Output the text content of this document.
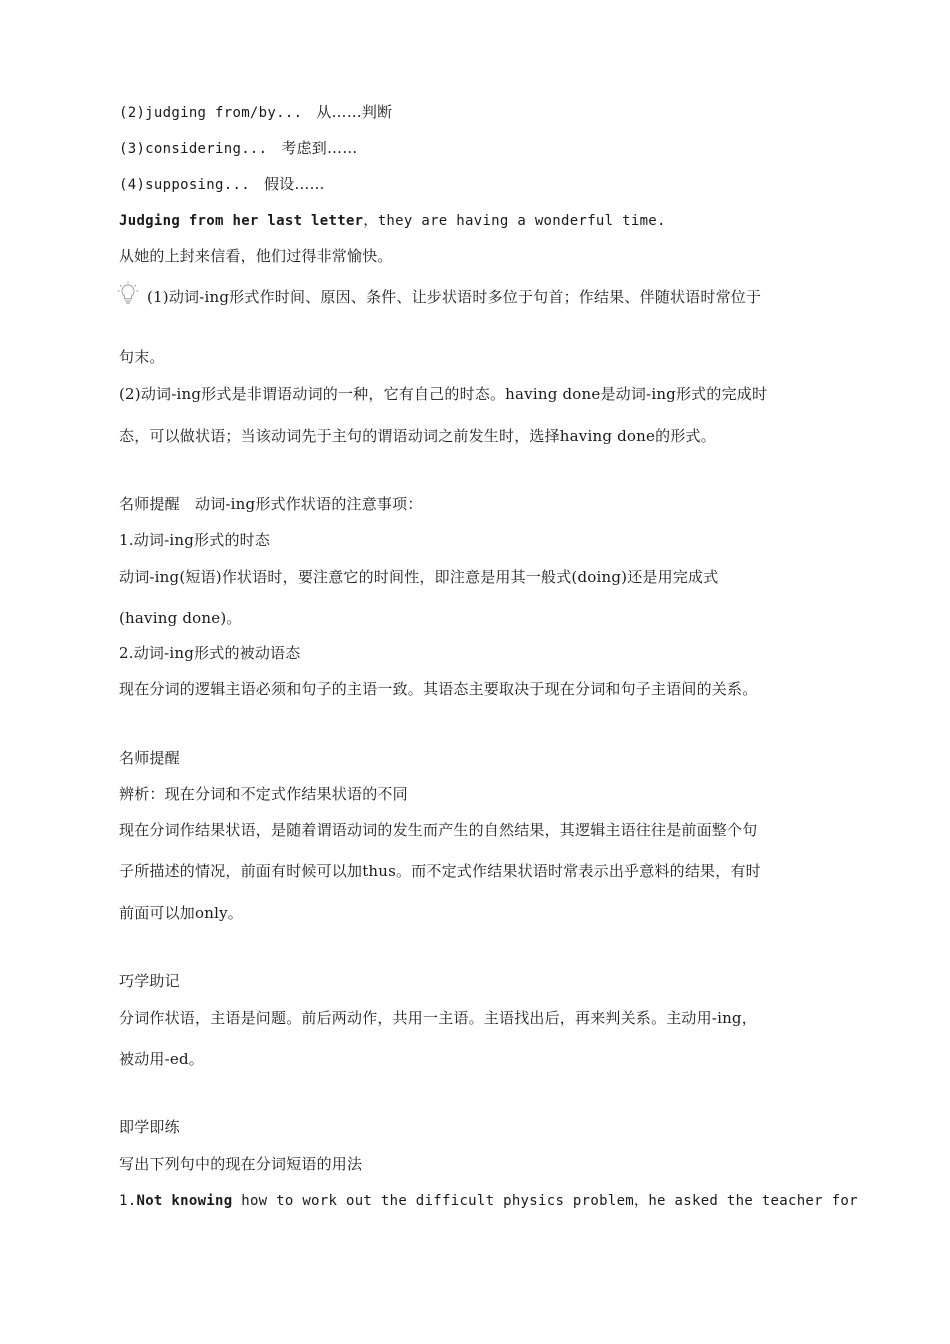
(2)judging from/by... 从……判断
(3)considering... 考虑到……
(4)supposing... 假设……
Judging from her last letter，they are having a wonderful time.
从她的上封来信看，他们过得非常愉快。
(1)动词-ing形式作时间、原因、条件、让步状语时多位于句首；作结果、伴随状语时常位于
句末。
(2)动词-ing形式是非谓语动词的一种，它有自己的时态。having done是动词-ing形式的完成时
态，可以做状语；当该动词先于主句的谓语动词之前发生时，选择having done的形式。
名师提醒　动词-ing形式作状语的注意事项：
1.动词-ing形式的时态
动词-ing(短语)作状语时，要注意它的时间性，即注意是用其一般式(doing)还是用完成式
(having done)。
2.动词-ing形式的被动语态
现在分词的逻辑主语必须和句子的主语一致。其语态主要取决于现在分词和句子主语间的关系。
名师提醒
辨析：现在分词和不定式作结果状语的不同
现在分词作结果状语，是随着谓语动词的发生而产生的自然结果，其逻辑主语往往是前面整个句
子所描述的情况，前面有时候可以加thus。而不定式作结果状语时常表示出乎意料的结果，有时
前面可以加only。
巧学助记
分词作状语，主语是问题。前后两动作，共用一主语。主语找出后，再来判关系。主动用-ing，
被动用-ed。
即学即练
写出下列句中的现在分词短语的用法
1.Not knowing how to work out the difficult physics problem，he asked the teacher for
